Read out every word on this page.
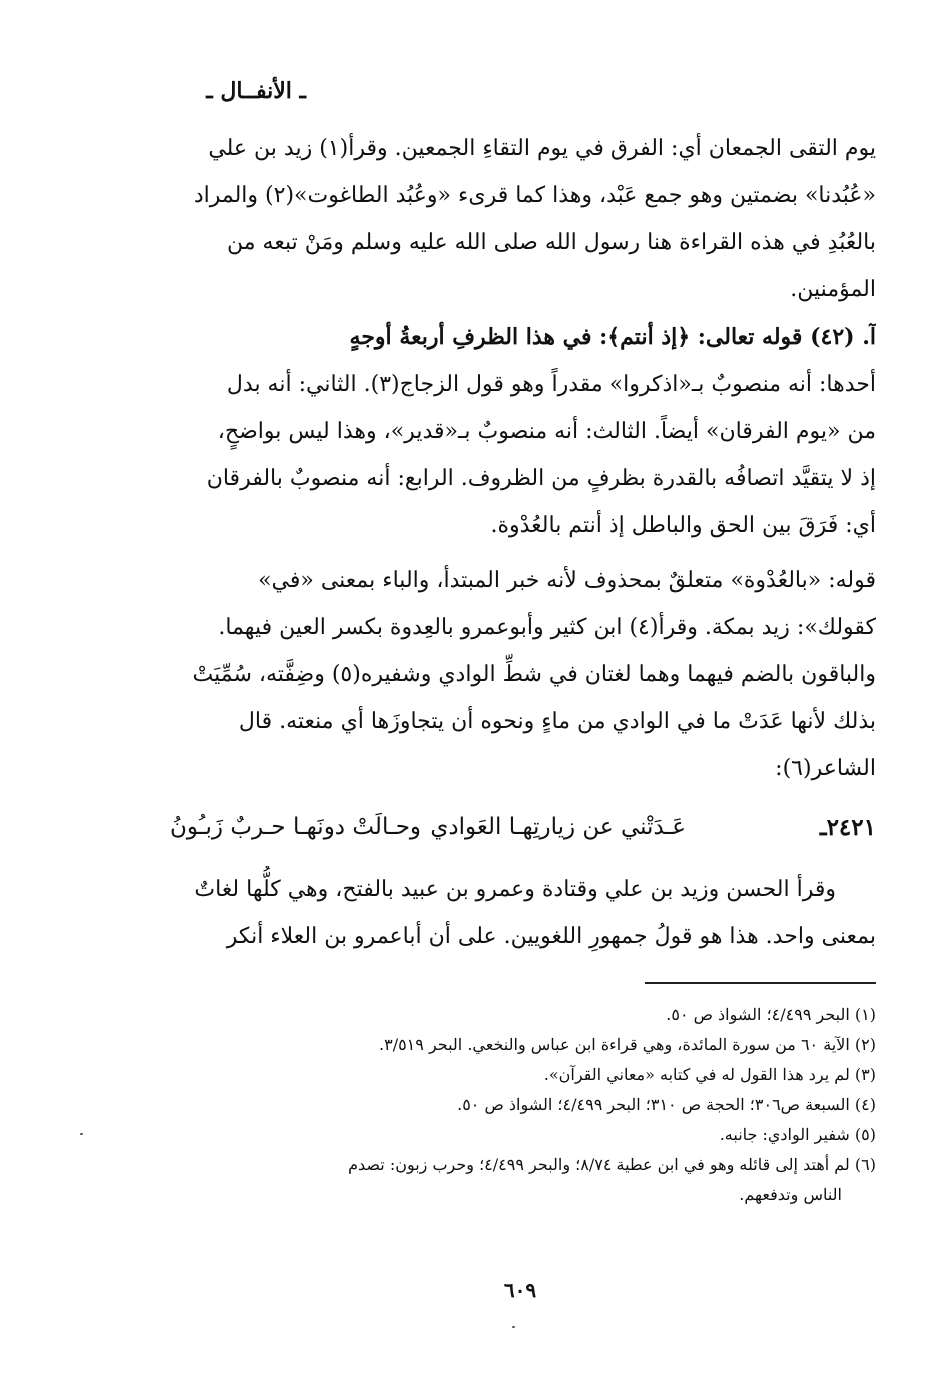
ـ الأنفــال ـ
يوم التقى الجمعان أي: الفرق في يوم التقاءِ الجمعين. وقرأ(١) زيد بن علي
«عُبُدنا» بضمتين وهو جمع عَبْد، وهذا كما قرىء «وعُبُد الطاغوت»(٢) والمراد
بالعُبُدِ في هذه القراءة هنا رسول الله صلى الله عليه وسلم ومَنْ تبعه من
المؤمنين.
آ. (٤٢) قوله تعالى: ﴿إذ أنتم﴾: في هذا الظرفِ أربعةُ أوجهٍ
أحدها: أنه منصوبٌ بـ«اذكروا» مقدراً وهو قول الزجاج(٣). الثاني: أنه بدل
من «يوم الفرقان» أيضاً. الثالث: أنه منصوبٌ بـ«قدير»، وهذا ليس بواضحٍ،
إذ لا يتقيَّد اتصافُه بالقدرة بظرفٍ من الظروف. الرابع: أنه منصوبٌ بالفرقان
أي: فَرَقَ بين الحق والباطل إذ أنتم بالعُدْوة.
قوله: «بالعُدْوة» متعلقٌ بمحذوف لأنه خبر المبتدأ، والباء بمعنى «في»
كقولك»: زيد بمكة. وقرأ(٤) ابن كثير وأبوعمرو بالعِدوة بكسر العين فيهما.
والباقون بالضم فيهما وهما لغتان في شطِّ الوادي وشفيره(٥) وضِفَّته، سُمِّيَتْ
بذلك لأنها عَدَتْ ما في الوادي من ماءٍ ونحوه أن يتجاوزَها أي منعته. قال
الشاعر(٦):
٢٤٢١ـ
عَـدَتْني عن زيارتِهـا العَوادي
وحـالَتْ دونَهـا حـربٌ زَبـُونُ
وقرأ الحسن وزيد بن علي وقتادة وعمرو بن عبيد بالفتح، وهي كلُّها لغاتٌ
بمعنى واحد. هذا هو قولُ جمهورِ اللغويين. على أن أباعمرو بن العلاء أنكر
(١) البحر ٤/٤٩٩؛ الشواذ ص ٥٠.
(٢) الآية ٦٠ من سورة المائدة، وهي قراءة ابن عباس والنخعي. البحر ٣/٥١٩.
(٣) لم يرد هذا القول له في كتابه «معاني القرآن».
(٤) السبعة ص٣٠٦؛ الحجة ص ٣١٠؛ البحر ٤/٤٩٩؛ الشواذ ص ٥٠.
(٥) شفير الوادي: جانبه.
(٦) لم أهتد إلى قائله وهو في ابن عطية ٨/٧٤؛ والبحر ٤/٤٩٩؛ وحرب زبون: تصدم
الناس وتدفعهم.
٦٠٩
